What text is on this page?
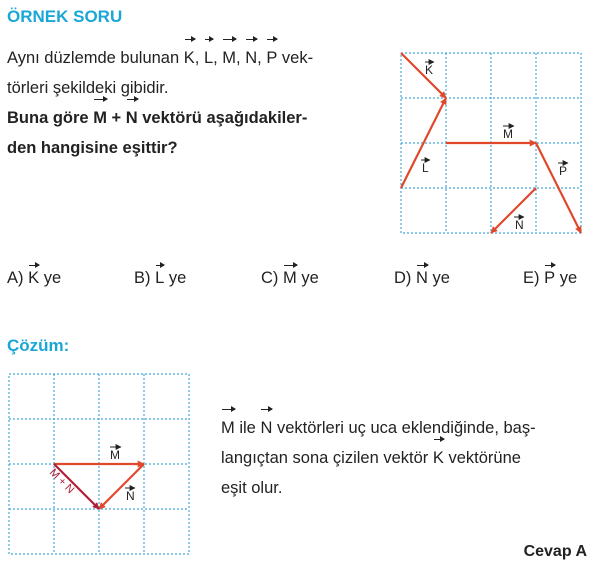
ÖRNEK SORU
Aynı düzlemde bulunan K, L, M, N, P vek-
törleri şekildeki gibidir.
Buna göre M + N vektörü aşağıdakiler-
den hangisine eşittir?
K
L
M
P
N
A) K ye	B) L ye	C) M ye	D) N ye	E) P ye
Çözüm:
M
N
M + N
M ile N vektörleri uç uca eklendiğinde, baş-
langıçtan sona çizilen vektör K vektörüne
eşit olur.
Cevap A
